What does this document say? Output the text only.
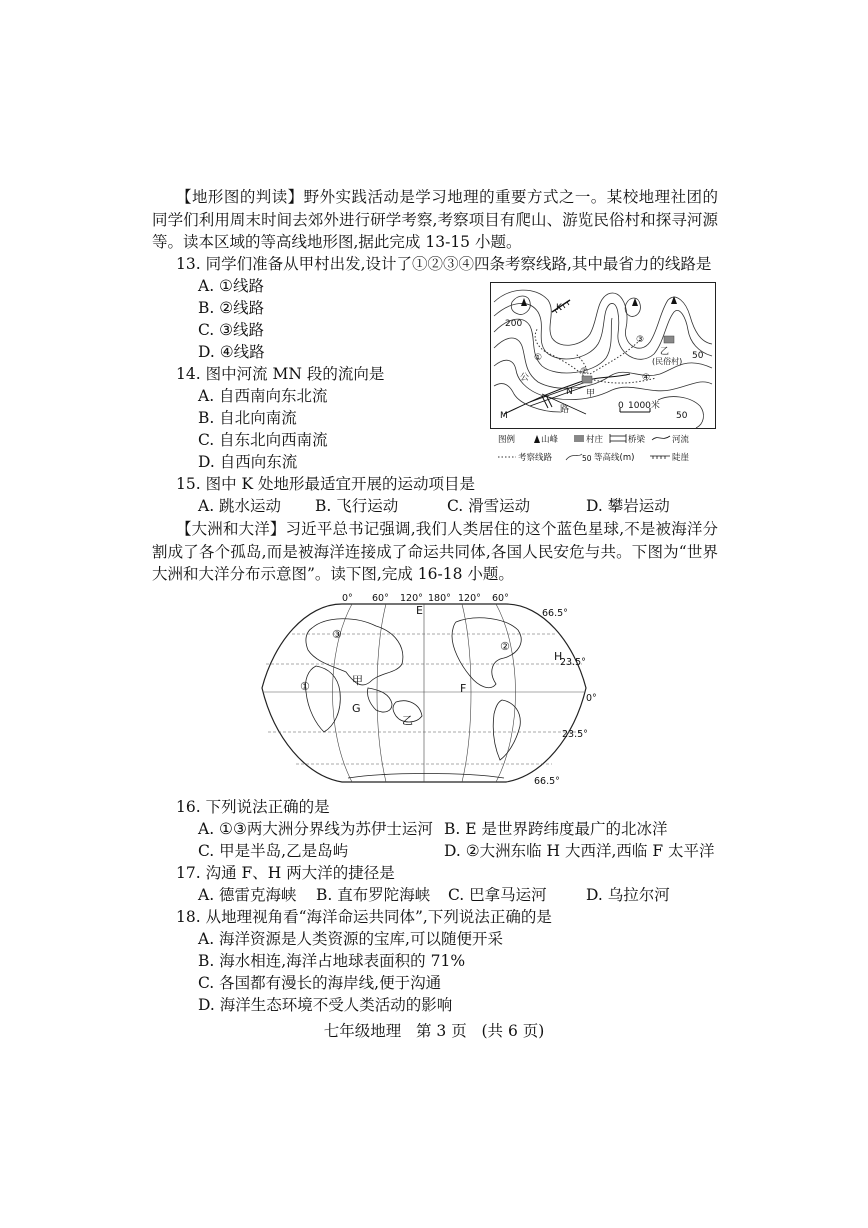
【地形图的判读】野外实践活动是学习地理的重要方式之一。某校地理社团的同学们利用周末时间去郊外进行研学考察,考察项目有爬山、游览民俗村和探寻河源等。读本区域的等高线地形图,据此完成 13-15 小题。
13. 同学们准备从甲村出发,设计了①②③④四条考察线路,其中最省力的线路是
A. ①线路
B. ②线路
C. ③线路
D. ④线路
14. 图中河流 MN 段的流向是
A. 自西南向东北流
B. 自北向南流
C. 自东北向西南流
D. 自西向东流
15. 图中 K 处地形最适宜开展的运动项目是
A. 跳水运动 B. 飞行运动	C. 滑雪运动	D. 攀岩运动
200
K
①
②
③
④
乙
(民俗村)
50
50
公
路
N 甲
M
0 1000米
图例	山峰	村庄	桥梁	河流
考察线路	50 等高线(m)	陡崖
【大洲和大洋】习近平总书记强调,我们人类居住的这个蓝色星球,不是被海洋分割成了各个孤岛,而是被海洋连接成了命运共同体,各国人民安危与共。下图为“世界大洲和大洋分布示意图”。读下图,完成 16-18 小题。
0° 60° 120° 180° 120° 60°
66.5°
23.5°
0°
23.5°
66.5°
E
③
②
H
①	甲
F
G
乙
16. 下列说法正确的是
A. ①③两大洲分界线为苏伊士运河 B. E 是世界跨纬度最广的北冰洋
C. 甲是半岛,乙是岛屿	D. ②大洲东临 H 大西洋,西临 F 太平洋
17. 沟通 F、H 两大洋的捷径是
A. 德雷克海峡 B. 直布罗陀海峡 C. 巴拿马运河	D. 乌拉尔河
18. 从地理视角看“海洋命运共同体”,下列说法正确的是
A. 海洋资源是人类资源的宝库,可以随便开采
B. 海水相连,海洋占地球表面积的 71%
C. 各国都有漫长的海岸线,便于沟通
D. 海洋生态环境不受人类活动的影响
七年级地理   第 3 页   (共 6 页)
